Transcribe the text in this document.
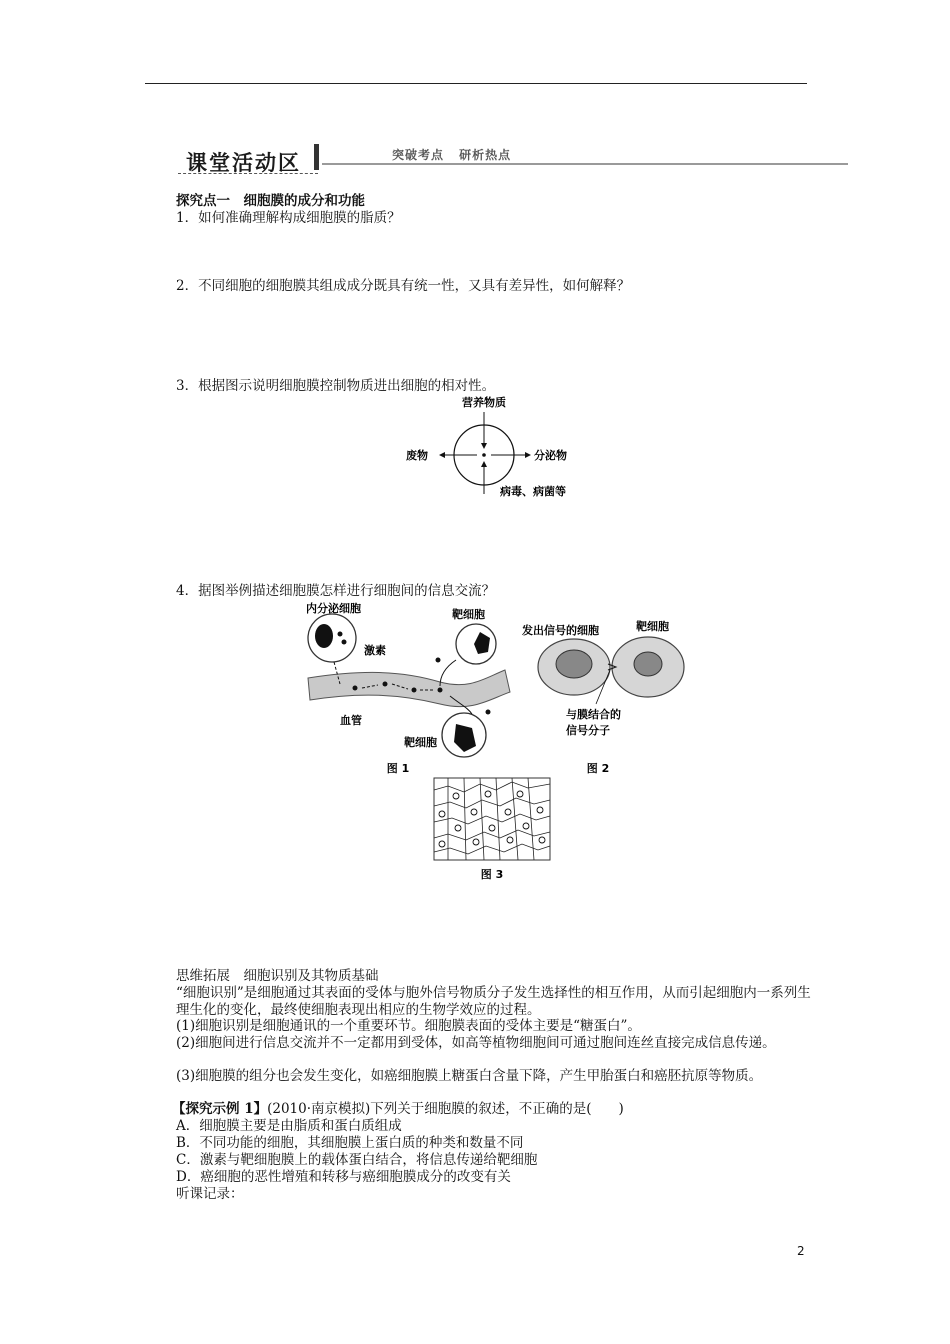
课堂活动区	突破考点 研析热点
探究点一　细胞膜的成分和功能
1．如何准确理解构成细胞膜的脂质？
2．不同细胞的细胞膜其组成成分既具有统一性，又具有差异性，如何解释？
3．根据图示说明细胞膜控制物质进出细胞的相对性。
营养物质
废物	分泌物
病毒、病菌等
4．据图举例描述细胞膜怎样进行细胞间的信息交流？
内分泌细胞
激素
靶细胞
血管
靶细胞
图 1
发出信号的细胞	靶细胞
与膜结合的
信号分子
图 2
图 3
思维拓展　细胞识别及其物质基础
“细胞识别”是细胞通过其表面的受体与胞外信号物质分子发生选择性的相互作用，从而引起细胞内一系列生理生化的变化，最终使细胞表现出相应的生物学效应的过程。
(1)细胞识别是细胞通讯的一个重要环节。细胞膜表面的受体主要是“糖蛋白”。
(2)细胞间进行信息交流并不一定都用到受体，如高等植物细胞间可通过胞间连丝直接完成信息传递。
(3)细胞膜的组分也会发生变化，如癌细胞膜上糖蛋白含量下降，产生甲胎蛋白和癌胚抗原等物质。
【探究示例 1】(2010·南京模拟)下列关于细胞膜的叙述，不正确的是(　　)
A．细胞膜主要是由脂质和蛋白质组成
B．不同功能的细胞，其细胞膜上蛋白质的种类和数量不同
C．激素与靶细胞膜上的载体蛋白结合，将信息传递给靶细胞
D．癌细胞的恶性增殖和转移与癌细胞膜成分的改变有关
听课记录：
2
